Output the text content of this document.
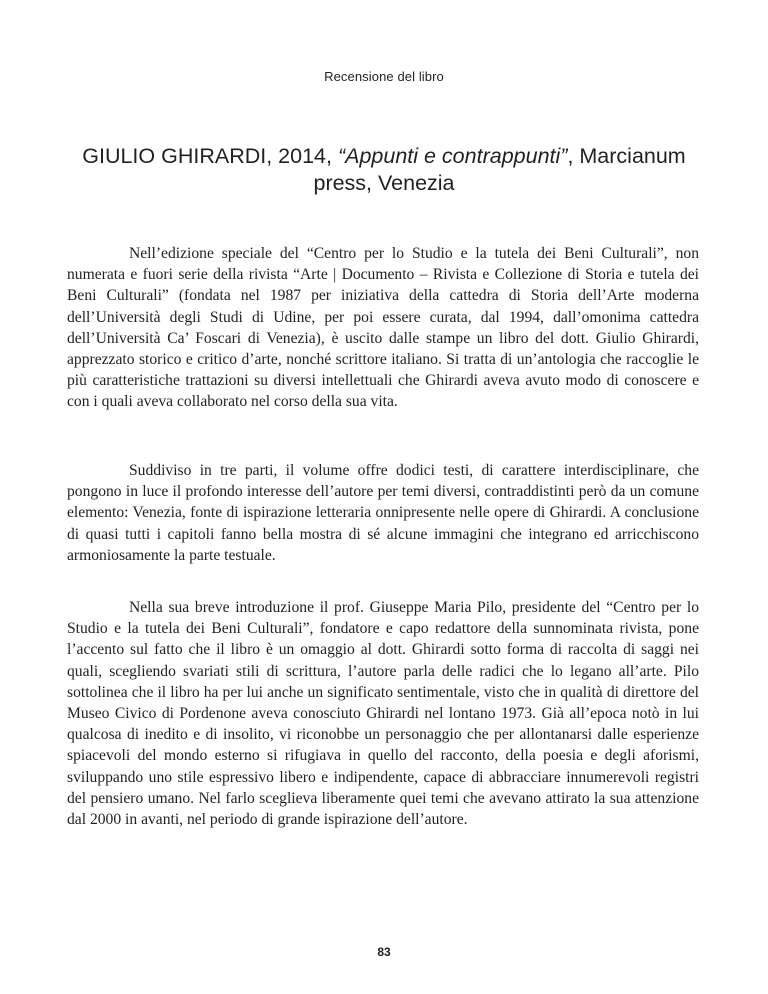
Recensione del libro
GIULIO GHIRARDI, 2014, “Appunti e contrappunti”, Marcianum press, Venezia

Nell’edizione speciale del “Centro per lo Studio e la tutela dei Beni Culturali”, non numerata e fuori serie della rivista “Arte | Documento – Rivista e Collezione di Storia e tutela dei Beni Culturali” (fondata nel 1987 per iniziativa della cattedra di Storia dell’Arte moderna dell’Università degli Studi di Udine, per poi essere curata, dal 1994, dall’omonima cattedra dell’Università Ca’ Foscari di Venezia), è uscito dalle stampe un libro del dott. Giulio Ghirardi, apprezzato storico e critico d’arte, nonché scrittore italiano. Si tratta di un’antologia che raccoglie le più caratteristiche trattazioni su diversi intellettuali che Ghirardi aveva avuto modo di conoscere e con i quali aveva collaborato nel corso della sua vita.

Suddiviso in tre parti, il volume offre dodici testi, di carattere interdisciplinare, che pongono in luce il profondo interesse dell’autore per temi diversi, contraddistinti però da un comune elemento: Venezia, fonte di ispirazione letteraria onnipresente nelle opere di Ghirardi. A conclusione di quasi tutti i capitoli fanno bella mostra di sé alcune immagini che integrano ed arricchiscono armoniosamente la parte testuale.

Nella sua breve introduzione il prof. Giuseppe Maria Pilo, presidente del “Centro per lo Studio e la tutela dei Beni Culturali”, fondatore e capo redattore della sunnominata rivista, pone l’accento sul fatto che il libro è un omaggio al dott. Ghirardi sotto forma di raccolta di saggi nei quali, scegliendo svariati stili di scrittura, l’autore parla delle radici che lo legano all’arte. Pilo sottolinea che il libro ha per lui anche un significato sentimentale, visto che in qualità di direttore del Museo Civico di Pordenone aveva conosciuto Ghirardi nel lontano 1973. Già all’epoca notò in lui qualcosa di inedito e di insolito, vi riconobbe un personaggio che per allontanarsi dalle esperienze spiacevoli del mondo esterno si rifugiava in quello del racconto, della poesia e degli aforismi, sviluppando uno stile espressivo libero e indipendente, capace di abbracciare innumerevoli registri del pensiero umano. Nel farlo sceglieva liberamente quei temi che avevano attirato la sua attenzione dal 2000 in avanti, nel periodo di grande ispirazione dell’autore.

83
